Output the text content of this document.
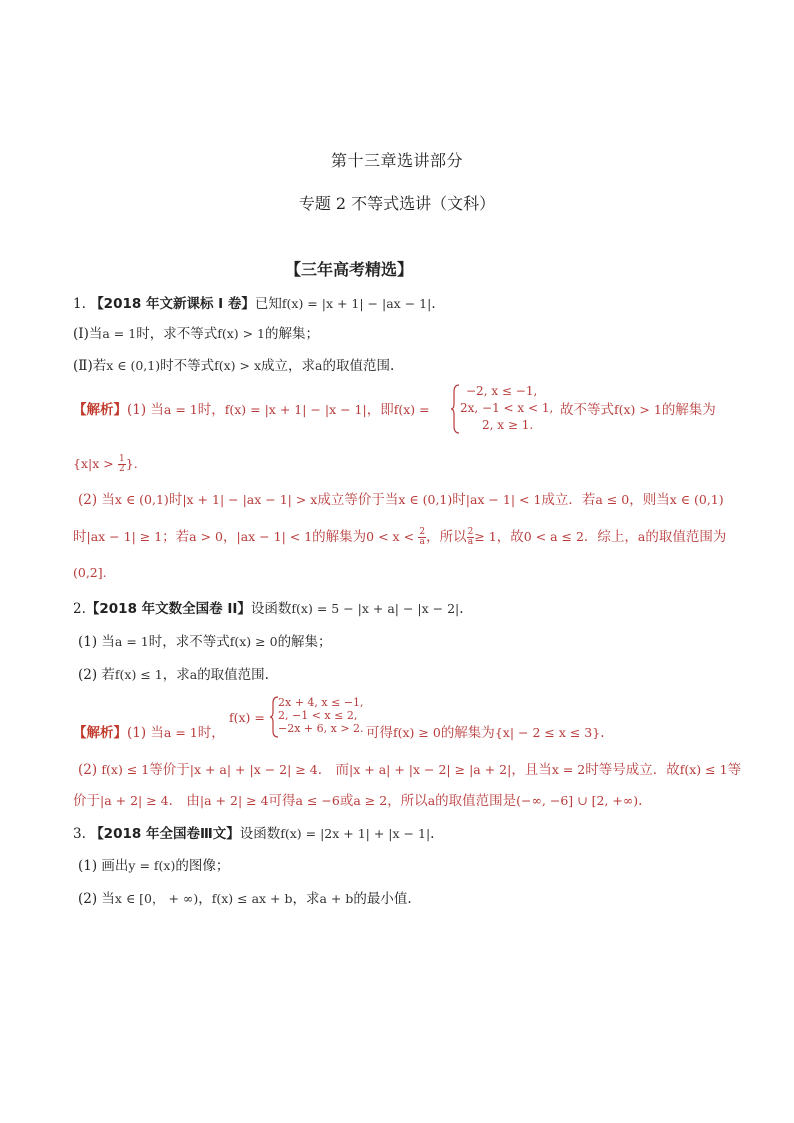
第十三章选讲部分
专题 2 不等式选讲（文科）
【三年高考精选】
1. 【2018 年文新课标 I 卷】已知f(x) = |x + 1| − |ax − 1|.
(Ⅰ)当a = 1时，求不等式f(x) > 1的解集；
(Ⅱ)若x ∈ (0,1)时不等式f(x) > x成立，求a的取值范围.
【解析】(1) 当a = 1时，f(x) = |x + 1| − |x − 1|，即f(x) =
−2, x ≤ −1,
2x, −1 < x < 1,
2, x ≥ 1.
故不等式f(x) > 1的解集为
{$x|x > \frac{1}{2}$ }.
(2) 当x ∈ (0,1)时|x + 1| − |ax − 1| > x成立等价于当x ∈ (0,1)时|ax − 1| < 1成立．若a ≤ 0，则当x ∈ (0,1)
时|ax − 1| ≥ 1；若a > 0，|ax − 1| < 1的解集为$0 < x < \frac{2}{a}$ ，所以 $\frac{2}{a} \ge 1$，故0 < a ≤ 2．综上，a的取值范围为
(0,2].
2.【2018 年文数全国卷 II】设函数f(x) = 5 − |x + a| − |x − 2|.
(1) 当a = 1时，求不等式f(x) ≥ 0的解集；
(2) 若f(x) ≤ 1，求a的取值范围.
【解析】(1) 当a = 1时，
f(x) =
2x + 4, x ≤ −1,
2, −1 < x ≤ 2,
−2x + 6, x > 2. 可得f(x) ≥ 0的解集为{x| − 2 ≤ x ≤ 3}.
(2) f(x) ≤ 1等价于|x + a| + |x − 2| ≥ 4． 而|x + a| + |x − 2| ≥ |a + 2|，且当x = 2时等号成立．故f(x) ≤ 1等
价于|a + 2| ≥ 4． 由|a + 2| ≥ 4可得a ≤ −6或a ≥ 2，所以a的取值范围是(−∞, −6] ∪ [2, +∞).
3. 【2018 年全国卷Ⅲ文】设函数f(x) = |2x + 1| + |x − 1|.
(1) 画出y = f(x)的图像；
(2) 当x ∈ [0， + ∞)，f(x) ≤ ax + b，求a + b的最小值.
